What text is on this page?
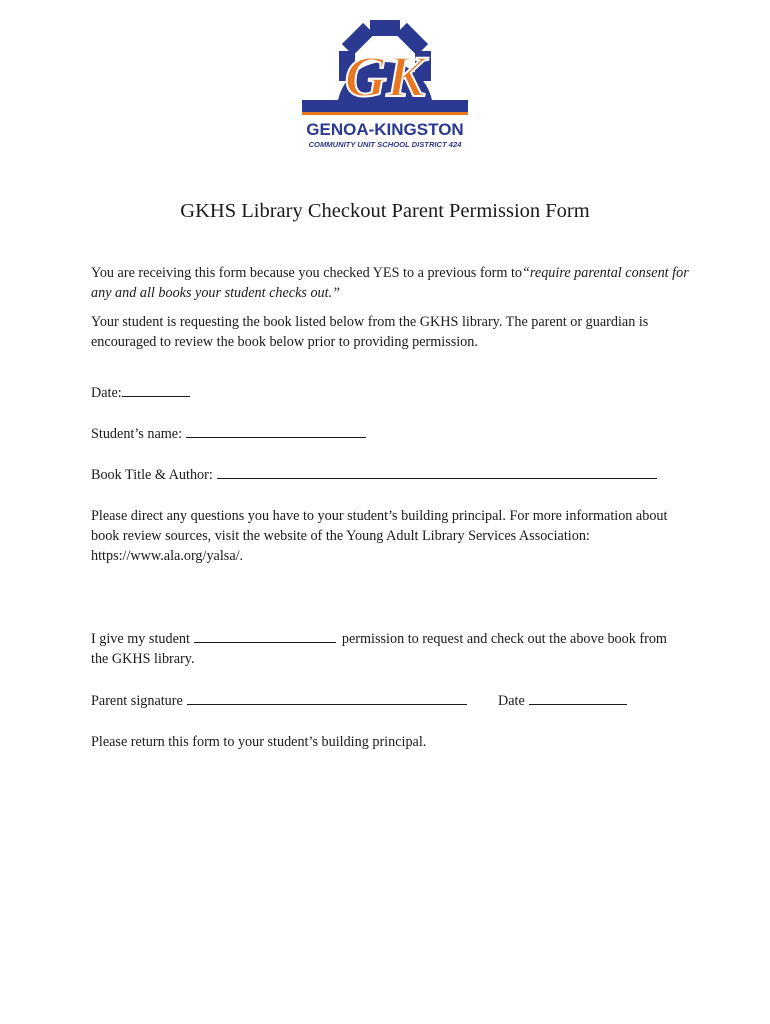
GK
GENOA-KINGSTON
COMMUNITY UNIT SCHOOL DISTRICT 424
GKHS Library Checkout Parent Permission Form

You are receiving this form because you checked YES to a previous form to“require parental consent for any and all books your student checks out.”

Your student is requesting the book listed below from the GKHS library. The parent or guardian is encouraged to review the book below prior to providing permission.

Date:
Student’s name:
Book Title & Author:

Please direct any questions you have to your student’s building principal. For more information about book review sources, visit the website of the Young Adult Library Services Association: https://www.ala.org/yalsa/.

I give my student	permission to request and check out the above book from the GKHS library.

Parent signature	Date
Please return this form to your student’s building principal.
